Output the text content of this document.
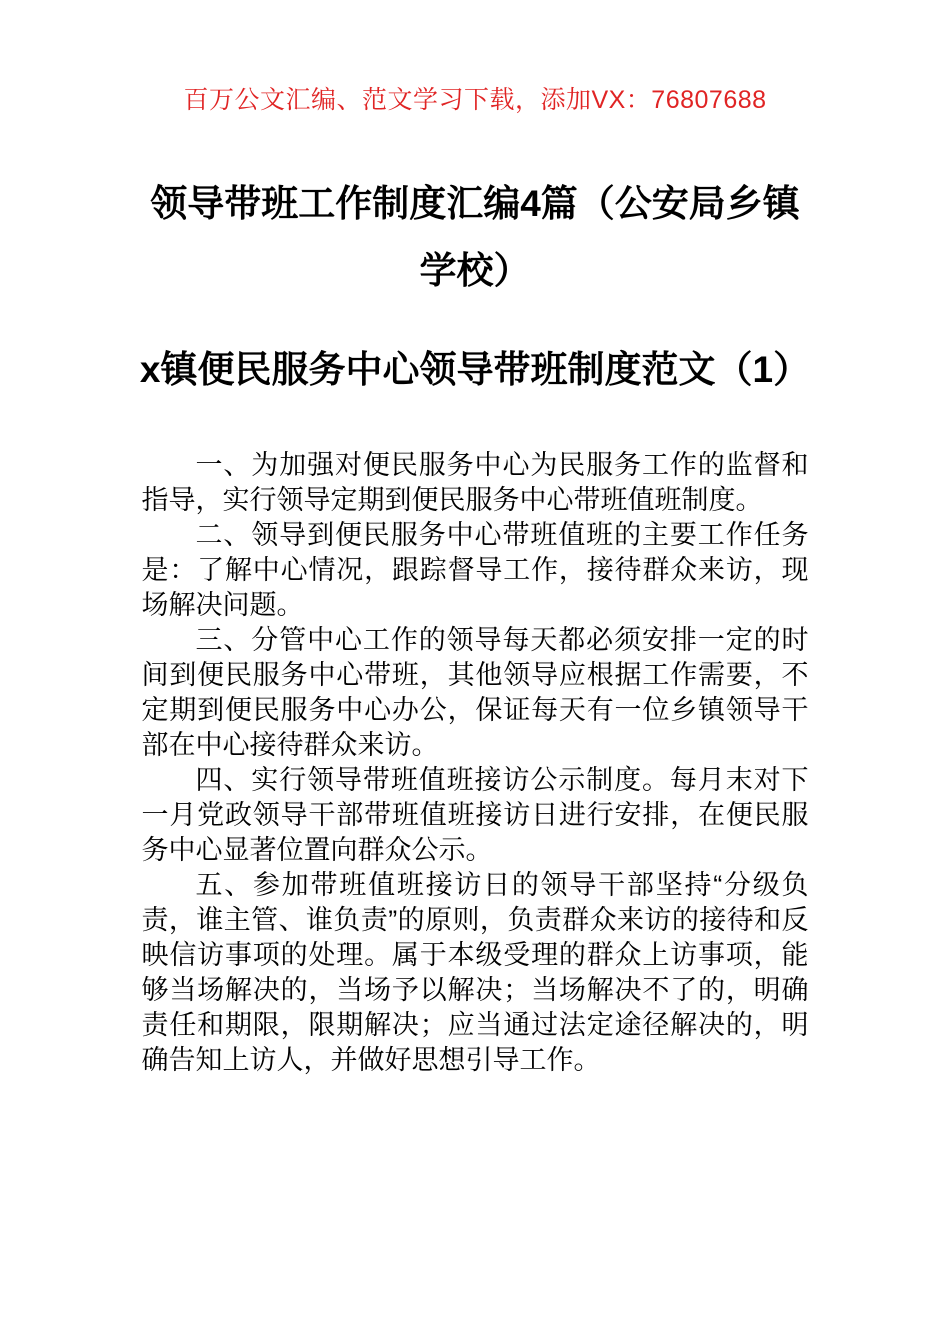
百万公文汇编、范文学习下载，添加VX：76807688
领导带班工作制度汇编4篇（公安局乡镇
学校）
x镇便民服务中心领导带班制度范文（1）

一、为加强对便民服务中心为民服务工作的监督和指导，实行领导定期到便民服务中心带班值班制度。

二、领导到便民服务中心带班值班的主要工作任务是：了解中心情况，跟踪督导工作，接待群众来访，现场解决问题。

三、分管中心工作的领导每天都必须安排一定的时间到便民服务中心带班，其他领导应根据工作需要，不定期到便民服务中心办公，保证每天有一位乡镇领导干部在中心接待群众来访。

四、实行领导带班值班接访公示制度。每月末对下一月党政领导干部带班值班接访日进行安排，在便民服务中心显著位置向群众公示。

五、参加带班值班接访日的领导干部坚持“分级负责，谁主管、谁负责”的原则，负责群众来访的接待和反映信访事项的处理。属于本级受理的群众上访事项，能够当场解决的，当场予以解决；当场解决不了的，明确责任和期限，限期解决；应当通过法定途径解决的，明确告知上访人，并做好思想引导工作。
